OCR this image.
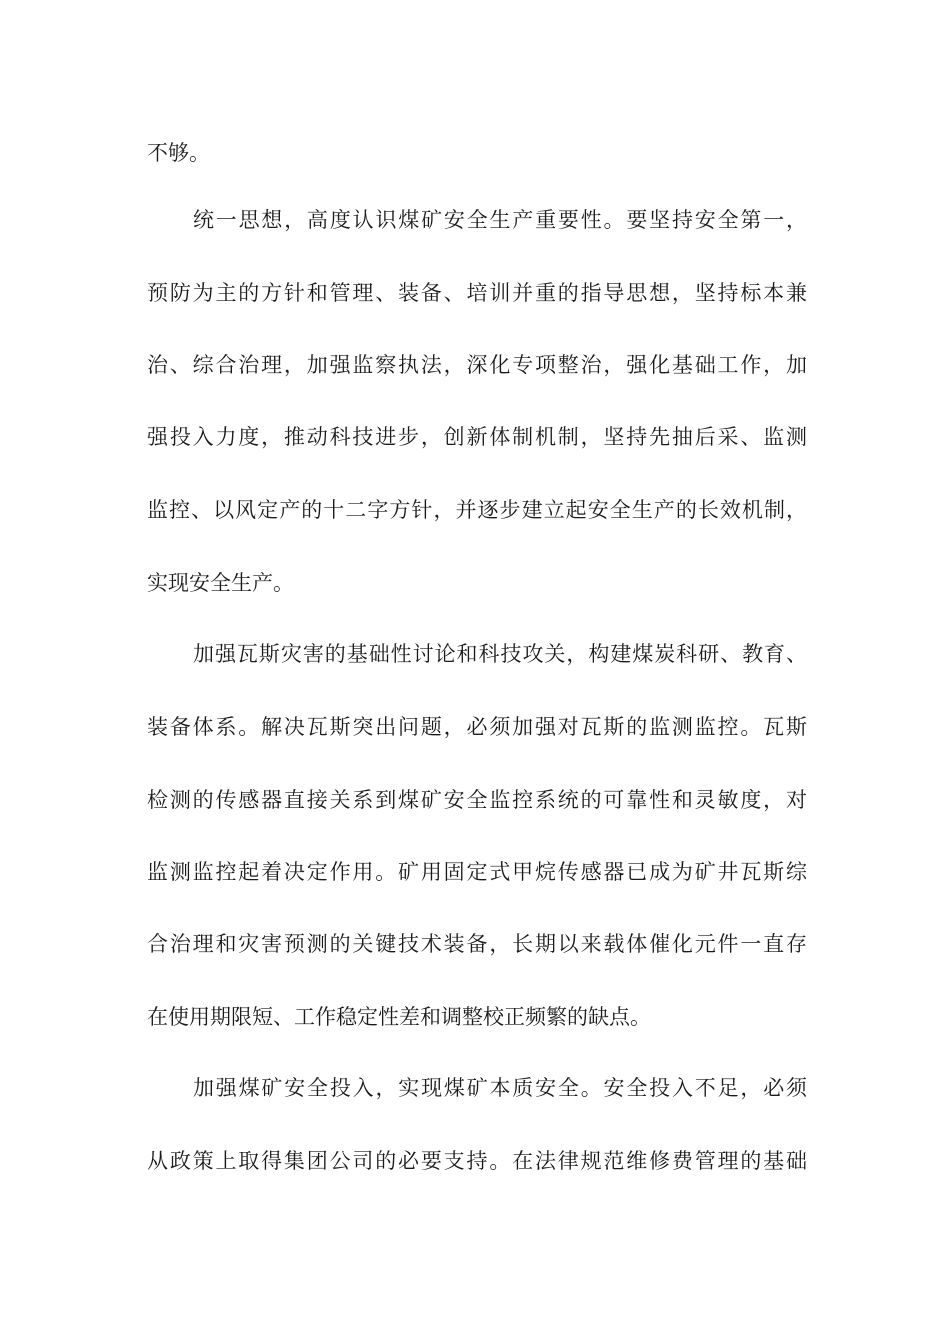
不够。
统一思想，高度认识煤矿安全生产重要性。要坚持安全第一，
预防为主的方针和管理、装备、培训并重的指导思想，坚持标本兼
治、综合治理，加强监察执法，深化专项整治，强化基础工作，加
强投入力度，推动科技进步，创新体制机制，坚持先抽后采、监测
监控、以风定产的十二字方针，并逐步建立起安全生产的长效机制，
实现安全生产。
加强瓦斯灾害的基础性讨论和科技攻关，构建煤炭科研、教育、
装备体系。解决瓦斯突出问题，必须加强对瓦斯的监测监控。瓦斯
检测的传感器直接关系到煤矿安全监控系统的可靠性和灵敏度，对
监测监控起着决定作用。矿用固定式甲烷传感器已成为矿井瓦斯综
合治理和灾害预测的关键技术装备，长期以来载体催化元件一直存
在使用期限短、工作稳定性差和调整校正频繁的缺点。
加强煤矿安全投入，实现煤矿本质安全。安全投入不足，必须
从政策上取得集团公司的必要支持。在法律规范维修费管理的基础
